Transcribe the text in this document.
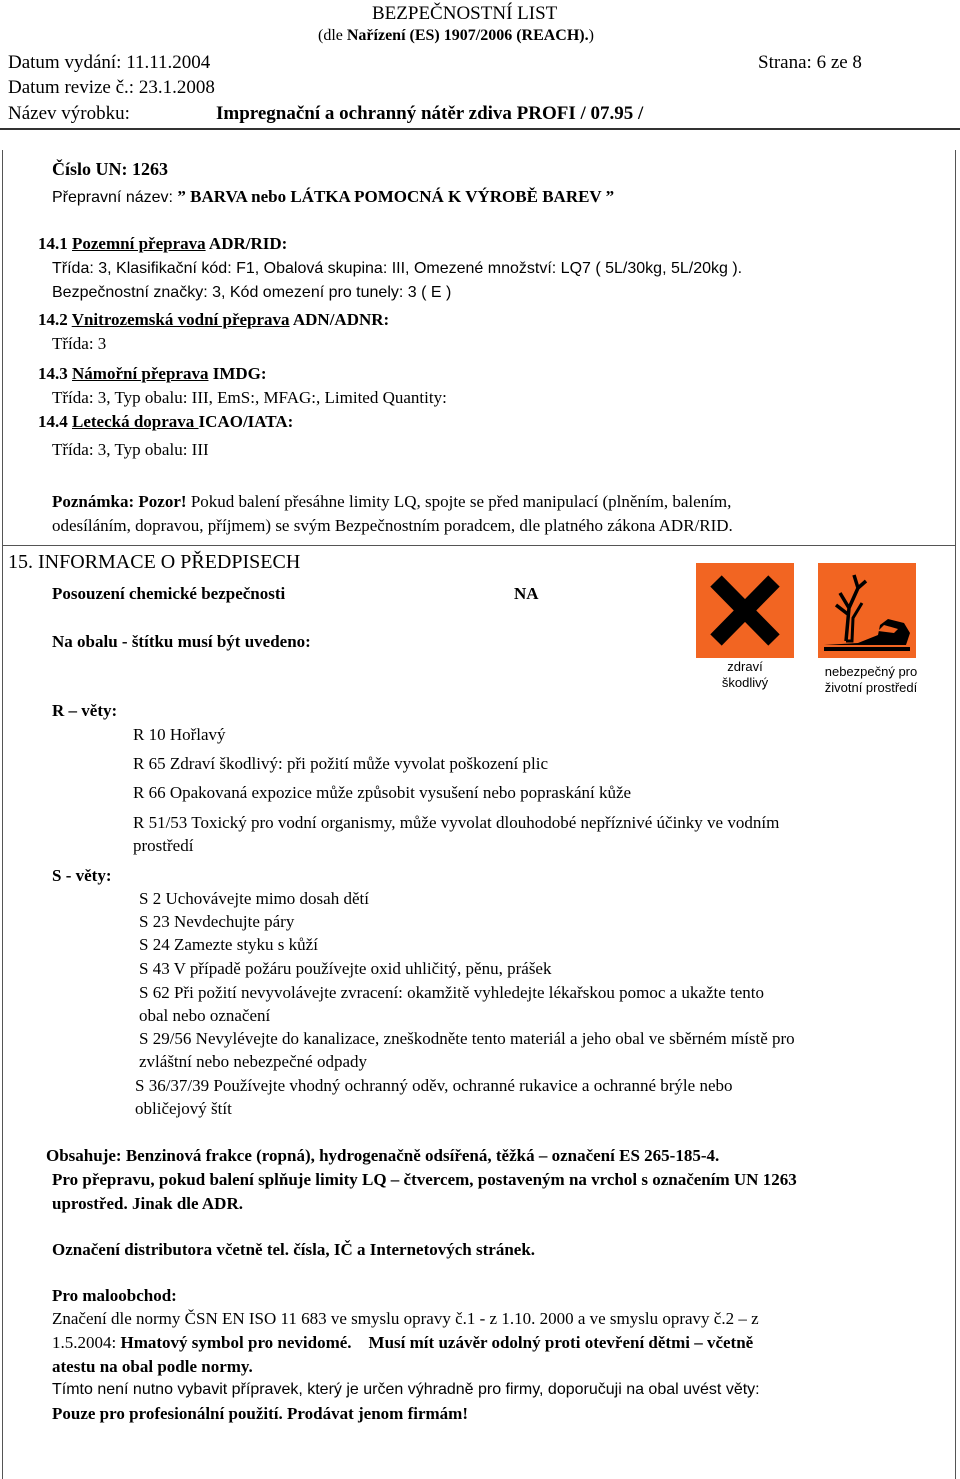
BEZPEČNOSTNÍ LIST
(dle Nařízení (ES) 1907/2006 (REACH).)
Datum vydání: 11.11.2004	Strana: 6 ze 8
Datum revize č.: 23.1.2008
Název výrobku:	Impregnační a ochranný nátěr zdiva PROFI / 07.95 /
Číslo UN: 1263
Přepravní název: ” BARVA nebo LÁTKA POMOCNÁ K VÝROBĚ BAREV ”
14.1 Pozemní přeprava ADR/RID:
Třída: 3, Klasifikační kód: F1, Obalová skupina: III, Omezené množství: LQ7 ( 5L/30kg, 5L/20kg ).
Bezpečnostní značky: 3, Kód omezení pro tunely: 3 ( E )
14.2 Vnitrozemská vodní přeprava ADN/ADNR:
Třída: 3
14.3 Námořní přeprava IMDG:
Třída: 3, Typ obalu: III, EmS:, MFAG:, Limited Quantity:
14.4 Letecká doprava ICAO/IATA:
Třída: 3, Typ obalu: III
Poznámka: Pozor! Pokud balení přesáhne limity LQ, spojte se před manipulací (plněním, balením,
odesíláním, dopravou, příjmem) se svým Bezpečnostním poradcem, dle platného zákona ADR/RID.
15. INFORMACE O PŘEDPISECH
Posouzení chemické bezpečnosti	NA
Na obalu - štítku musí být uvedeno:
zdraví
škodlivý
nebezpečný pro
životní prostředí
R – věty:
R 10 Hořlavý
R 65 Zdraví škodlivý: při požití může vyvolat poškození plic
R 66 Opakovaná expozice může způsobit vysušení nebo popraskání kůže
R 51/53 Toxický pro vodní organismy, může vyvolat dlouhodobé nepříznivé účinky ve vodním
prostředí
S - věty:
S 2 Uchovávejte mimo dosah dětí
S 23 Nevdechujte páry
S 24 Zamezte styku s kůží
S 43 V případě požáru používejte oxid uhličitý, pěnu, prášek
S 62 Při požití nevyvolávejte zvracení: okamžitě vyhledejte lékařskou pomoc a ukažte tento
obal nebo označení
S 29/56 Nevylévejte do kanalizace, zneškodněte tento materiál a jeho obal ve sběrném místě pro
zvláštní nebo nebezpečné odpady
S 36/37/39 Používejte vhodný ochranný oděv, ochranné rukavice a ochranné brýle nebo
obličejový štít
Obsahuje: Benzinová frakce (ropná), hydrogenačně odsířená, těžká – označení ES 265-185-4.
Pro přepravu, pokud balení splňuje limity LQ – čtvercem, postaveným na vrchol s označením UN 1263
uprostřed. Jinak dle ADR.
Označení distributora včetně tel. čísla, IČ a Internetových stránek.
Pro maloobchod:
Značení dle normy ČSN EN ISO 11 683 ve smyslu opravy č.1 - z 1.10. 2000 a ve smyslu opravy č.2 – z
1.5.2004: Hmatový symbol pro nevidomé.    Musí mít uzávěr odolný proti otevření dětmi – včetně
atestu na obal podle normy.
Tímto není nutno vybavit přípravek, který je určen výhradně pro firmy, doporučuji na obal uvést věty:
Pouze pro profesionální použití. Prodávat jenom firmám!
